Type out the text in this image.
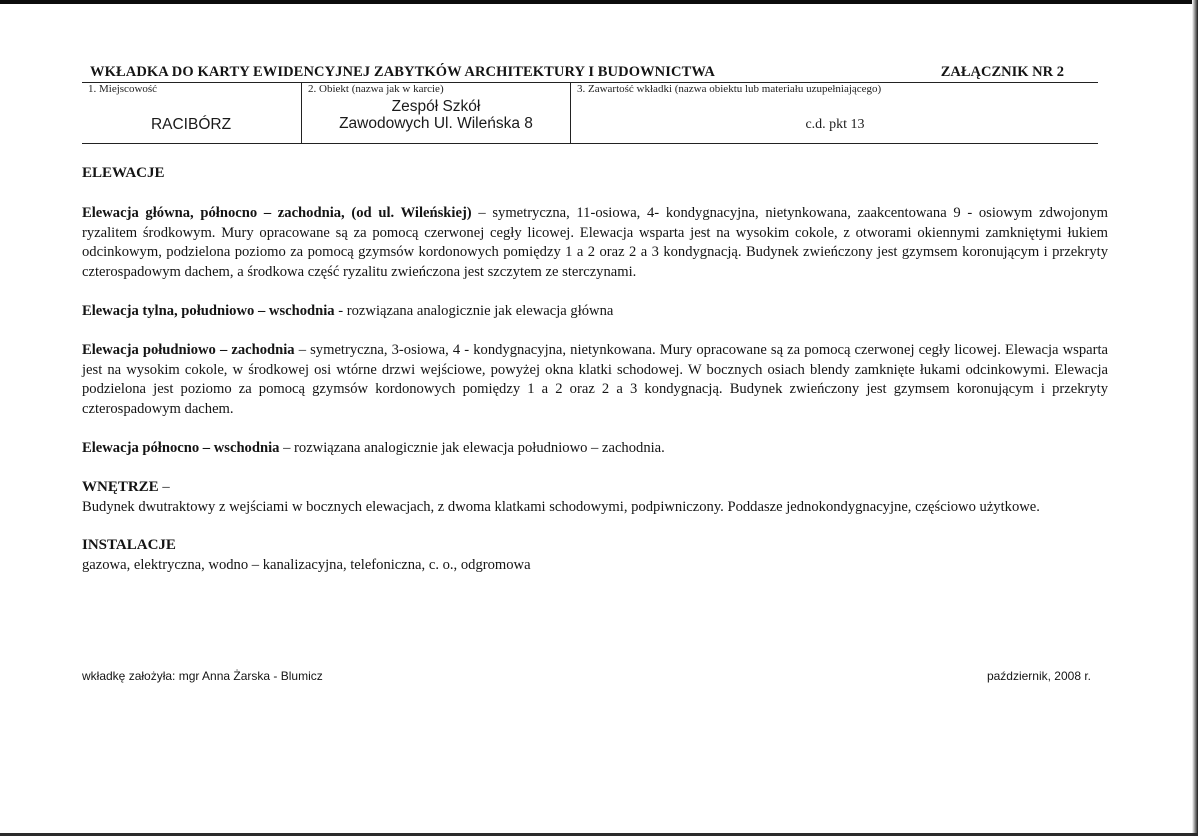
WKŁADKA DO KARTY EWIDENCYJNEJ ZABYTKÓW ARCHITEKTURY I BUDOWNICTWA	ZAŁĄCZNIK NR 2
1. Miejscowość
RACIBÓRZ
2. Obiekt (nazwa jak w karcie)
Zespół Szkół
Zawodowych Ul. Wileńska 8
3. Zawartość wkładki (nazwa obiektu lub materiału uzupełniającego)
c.d. pkt 13
ELEWACJE

Elewacja główna, północno – zachodnia, (od ul. Wileńskiej) – symetryczna, 11-osiowa, 4- kondygnacyjna, nietynkowana, zaakcentowana 9 - osiowym zdwojonym ryzalitem środkowym. Mury opracowane są za pomocą czerwonej cegły licowej. Elewacja wsparta jest na wysokim cokole, z otworami okiennymi zamkniętymi łukiem odcinkowym, podzielona poziomo za pomocą gzymsów kordonowych pomiędzy 1 a 2 oraz 2 a 3 kondygnacją. Budynek zwieńczony jest gzymsem koronującym i przekryty czterospadowym dachem, a środkowa część ryzalitu zwieńczona jest szczytem ze sterczynami.

Elewacja tylna, południowo – wschodnia - rozwiązana analogicznie jak elewacja główna

Elewacja południowo – zachodnia – symetryczna, 3-osiowa, 4 - kondygnacyjna, nietynkowana. Mury opracowane są za pomocą czerwonej cegły licowej. Elewacja wsparta jest na wysokim cokole, w środkowej osi wtórne drzwi wejściowe, powyżej okna klatki schodowej. W bocznych osiach blendy zamknięte łukami odcinkowymi. Elewacja podzielona jest poziomo za pomocą gzymsów kordonowych pomiędzy 1 a 2 oraz 2 a 3 kondygnacją. Budynek zwieńczony jest gzymsem koronującym i przekryty czterospadowym dachem.

Elewacja północno – wschodnia – rozwiązana analogicznie jak elewacja południowo – zachodnia.

WNĘTRZE –

Budynek dwutraktowy z wejściami w bocznych elewacjach, z dwoma klatkami schodowymi, podpiwniczony. Poddasze jednokondygnacyjne, częściowo użytkowe.

INSTALACJE

gazowa, elektryczna, wodno – kanalizacyjna, telefoniczna, c. o., odgromowa

wkładkę założyła: mgr Anna Żarska - Blumicz	październik, 2008 r.
